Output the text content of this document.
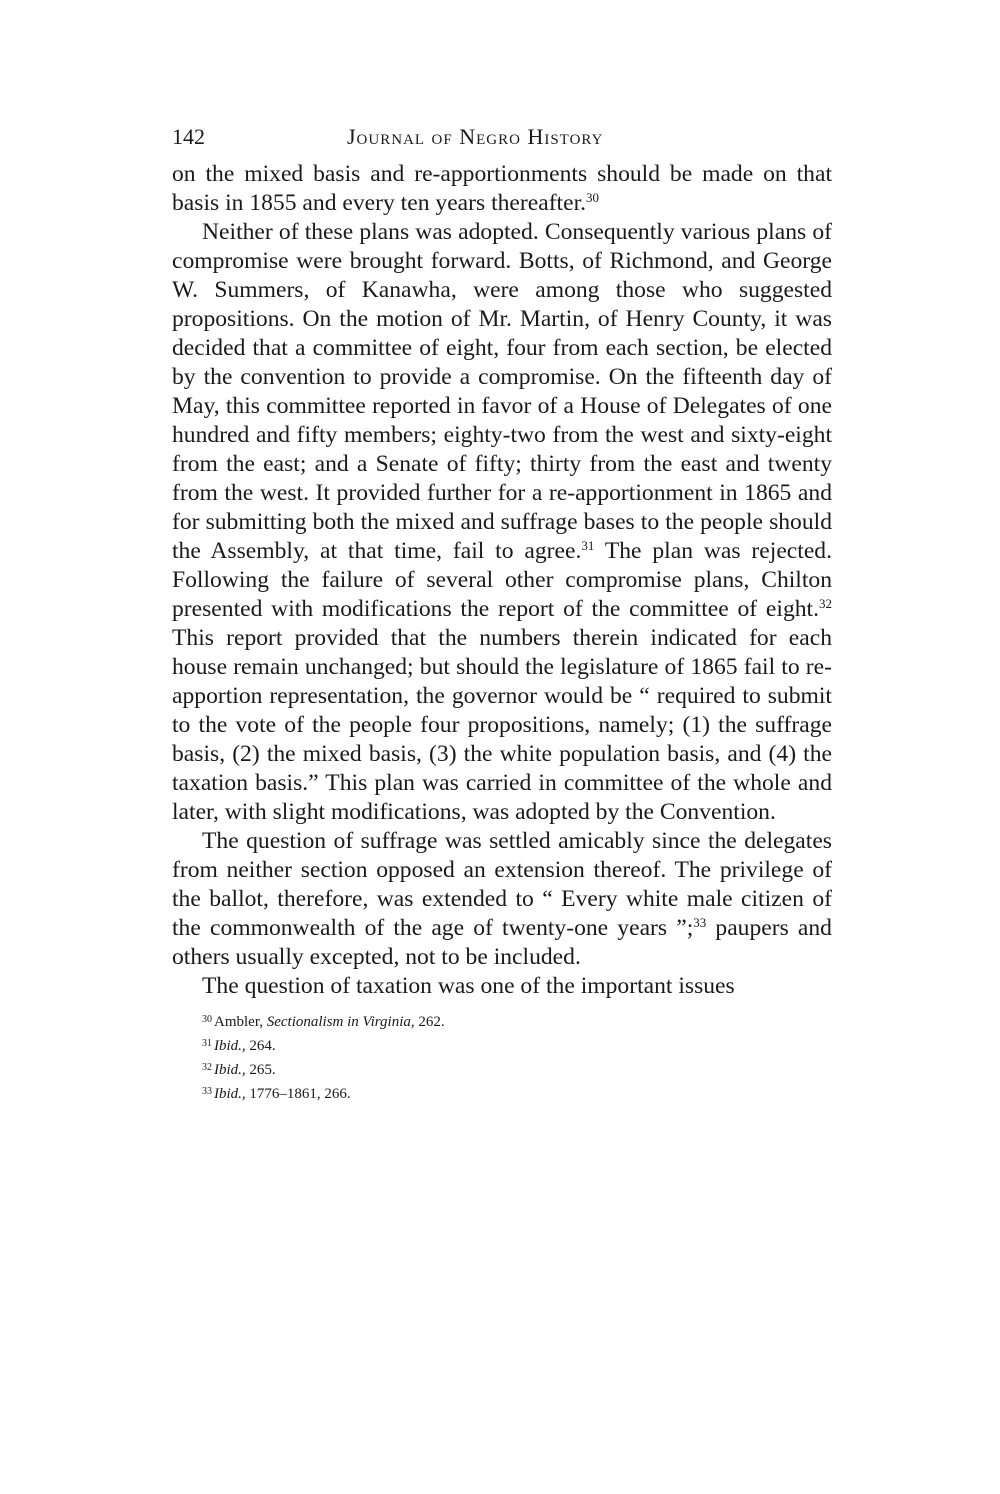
142	Journal of Negro History

on the mixed basis and re-apportionments should be made on that basis in 1855 and every ten years thereafter.$^{30}$

Neither of these plans was adopted. Consequently various plans of compromise were brought forward. Botts, of Richmond, and George W. Summers, of Kanawha, were among those who suggested propositions. On the motion of Mr. Martin, of Henry County, it was decided that a committee of eight, four from each section, be elected by the convention to provide a compromise. On the fifteenth day of May, this committee reported in favor of a House of Delegates of one hundred and fifty members; eighty-two from the west and sixty-eight from the east; and a Senate of fifty; thirty from the east and twenty from the west. It provided further for a re-apportionment in 1865 and for submitting both the mixed and suffrage bases to the people should the Assembly, at that time, fail to agree.$^{31}$ The plan was rejected. Following the failure of several other compromise plans, Chilton presented with modifications the report of the committee of eight.$^{32}$ This report provided that the numbers therein indicated for each house remain unchanged; but should the legislature of 1865 fail to re-apportion representation, the governor would be “ required to submit to the vote of the people four propositions, namely; (1) the suffrage basis, (2) the mixed basis, (3) the white population basis, and (4) the taxation basis.” This plan was carried in committee of the whole and later, with slight modifications, was adopted by the Convention.

The question of suffrage was settled amicably since the delegates from neither section opposed an extension thereof. The privilege of the ballot, therefore, was extended to “ Every white male citizen of the commonwealth of the age of twenty-one years ”;$^{33}$ paupers and others usually excepted, not to be included.

The question of taxation was one of the important issues

$^{30}$ Ambler, Sectionalism in Virginia, 262.
$^{31}$ Ibid., 264.
$^{32}$ Ibid., 265.
$^{33}$ Ibid., 1776–1861, 266.
